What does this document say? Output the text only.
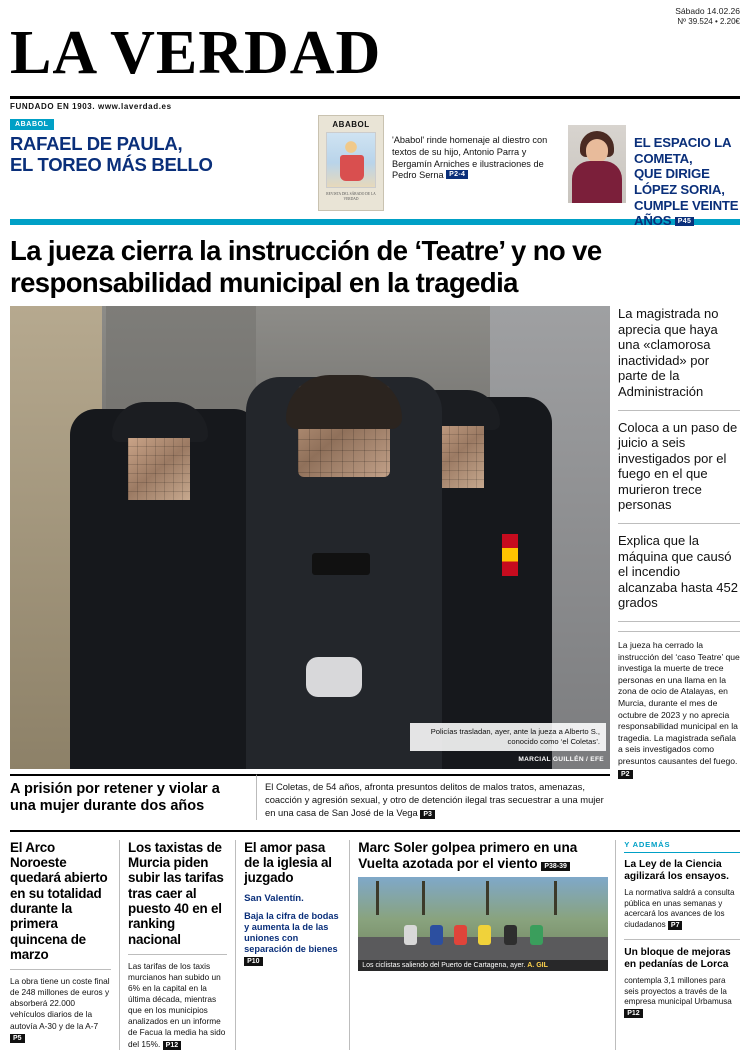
Sábado 14.02.26
Nº 39.524 • 2.20€
LA VERDAD
FUNDADO EN 1903. www.laverdad.es
ABABOL
RAFAEL DE PAULA,
EL TOREO MÁS BELLO
ABABOL
REVISTA DEL SÁBADO DE LA VERDAD
'Ababol' rinde homenaje al diestro con textos de su hijo, Antonio Parra y Bergamín Arniches e ilustraciones de Pedro Serna P2-4
EL ESPACIO LA COMETA,
QUE DIRIGE LÓPEZ SORIA,
CUMPLE VEINTE AÑOS P45
La jueza cierra la instrucción de ‘Teatre’ y no ve responsabilidad municipal en la tragedia
Policías trasladan, ayer, ante la jueza a Alberto S., conocido como ‘el Coletas’.
MARCIAL GUILLÉN / EFE
A prisión por retener y violar a una mujer durante dos años
El Coletas, de 54 años, afronta presuntos delitos de malos tratos, amenazas, coacción y agresión sexual, y otro de detención ilegal tras secuestrar a una mujer en una casa de San José de la Vega P3
La magistrada no aprecia que haya una «clamorosa inactividad» por parte de la Administración
Coloca a un paso de juicio a seis investigados por el fuego en el que murieron trece personas
Explica que la máquina que causó el incendio alcanzaba hasta 452 grados
La jueza ha cerrado la instrucción del ‘caso Teatre’ que investiga la muerte de trece personas en una llama en la zona de ocio de Atalayas, en Murcia, durante el mes de octubre de 2023 y no aprecia responsabilidad municipal en la tragedia. La magistrada señala a seis investigados como presuntos causantes del fuego. P2
El Arco Noroeste quedará abierto en su totalidad durante la primera quincena de marzo
La obra tiene un coste final de 248 millones de euros y absorberá 22.000 vehículos diarios de la autovía A-30 y de la A-7 P5
Los taxistas de Murcia piden subir las tarifas tras caer al puesto 40 en el ranking nacional
Las tarifas de los taxis murcianos han subido un 6% en la capital en la última década, mientras que en los municipios analizados en un informe de Facua la media ha sido del 15%. P12
El amor pasa de la iglesia al juzgado
San Valentín.
Baja la cifra de bodas y aumenta la de las uniones con separación de bienes
P10
Marc Soler golpea primero en una Vuelta azotada por el viento P38-39
Los ciclistas saliendo del Puerto de Cartagena, ayer. A. GIL
Y ADEMÁS
La Ley de la Ciencia agilizará los ensayos.
La normativa saldrá a consulta pública en unas semanas y acercará los avances de los ciudadanos P7
Un bloque de mejoras en pedanías de Lorca
contempla 3,1 millones para seis proyectos a través de la empresa municipal Urbamusa P12
